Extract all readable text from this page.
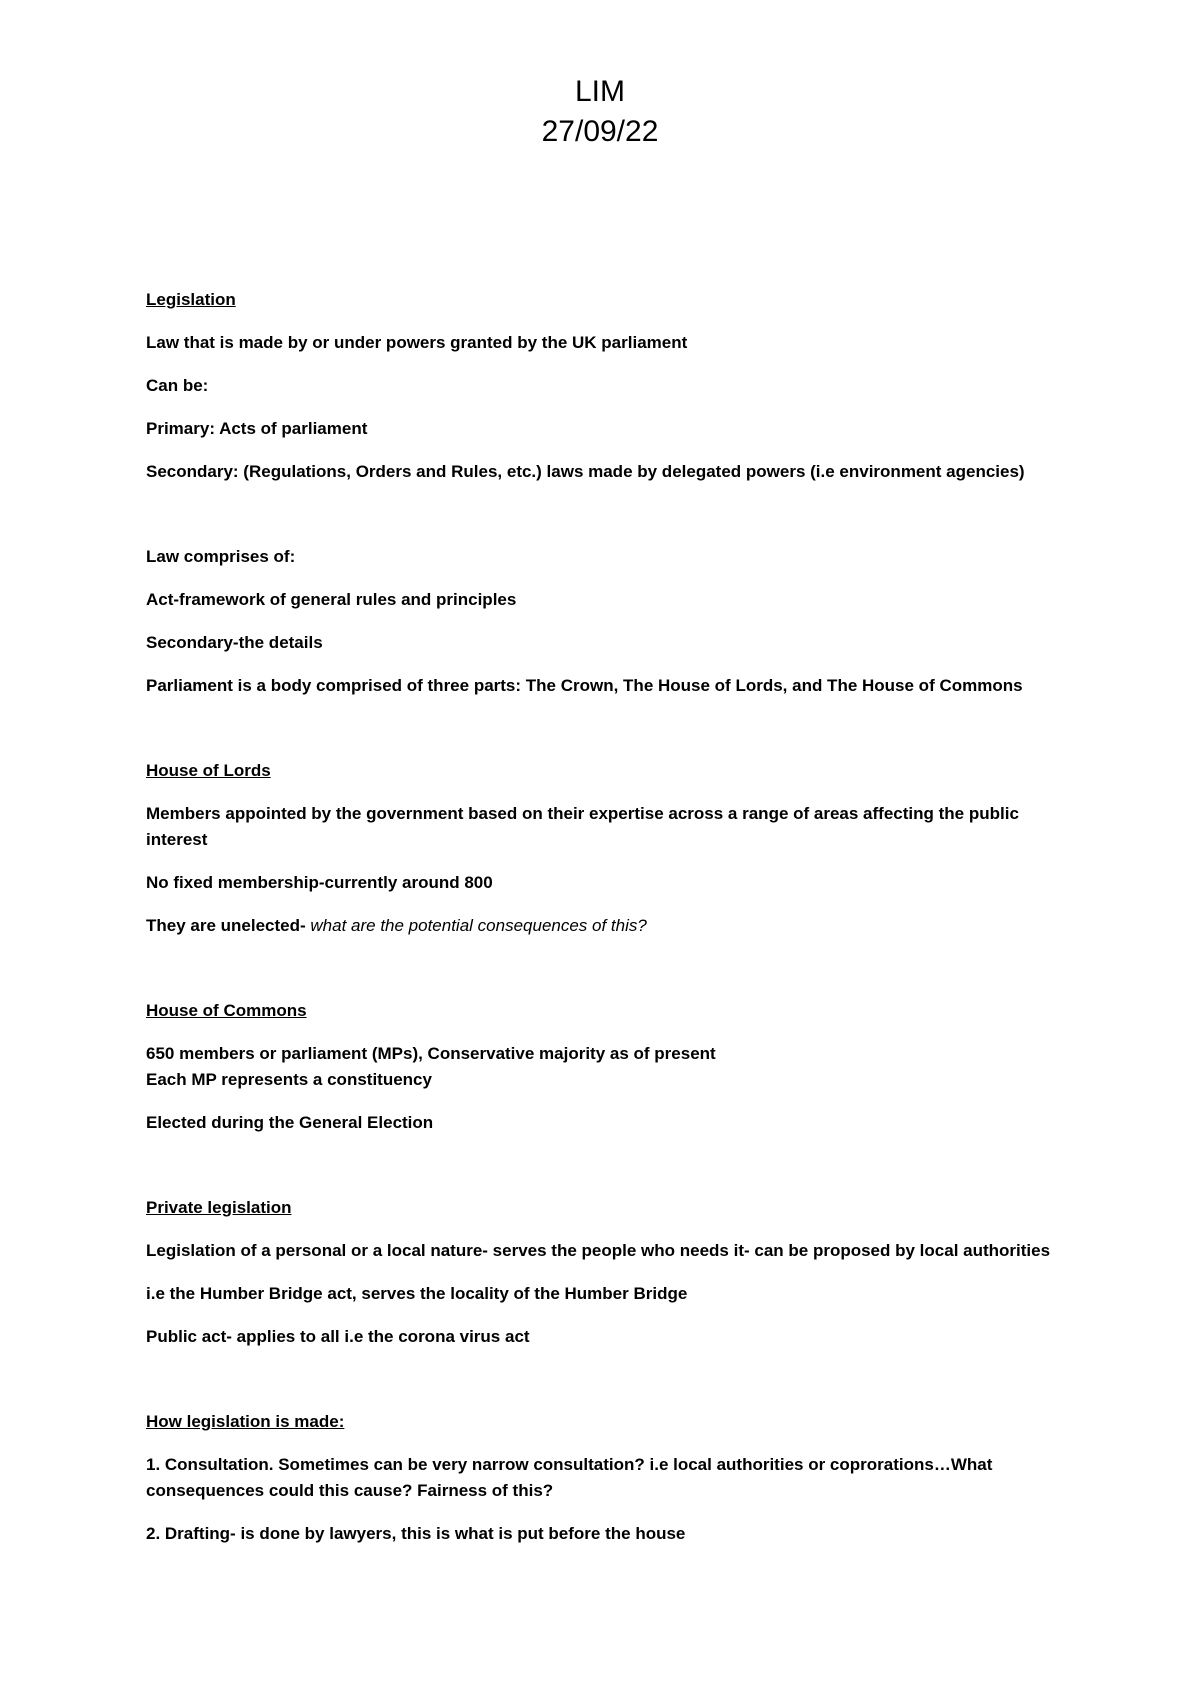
LIM
27/09/22
Legislation
Law that is made by or under powers granted by the UK parliament
Can be:
Primary: Acts of parliament
Secondary: (Regulations, Orders and Rules, etc.) laws made by delegated powers (i.e environment agencies)
Law comprises of:
Act-framework of general rules and principles
Secondary-the details
Parliament is a body comprised of three parts: The Crown, The House of Lords, and The House of Commons
House of Lords
Members appointed by the government based on their expertise across a range of areas affecting the public interest
No fixed membership-currently around 800
They are unelected- what are the potential consequences of this?
House of Commons
650 members or parliament (MPs), Conservative majority as of present
Each MP represents a constituency
Elected during the General Election
Private legislation
Legislation of a personal or a local nature- serves the people who needs it- can be proposed by local authorities
i.e the Humber Bridge act, serves the locality of the Humber Bridge
Public act- applies to all i.e the corona virus act
How legislation is made:
1. Consultation. Sometimes can be very narrow consultation? i.e local authorities or coprorations…What consequences could this cause? Fairness of this?
2. Drafting- is done by lawyers, this is what is put before the house
